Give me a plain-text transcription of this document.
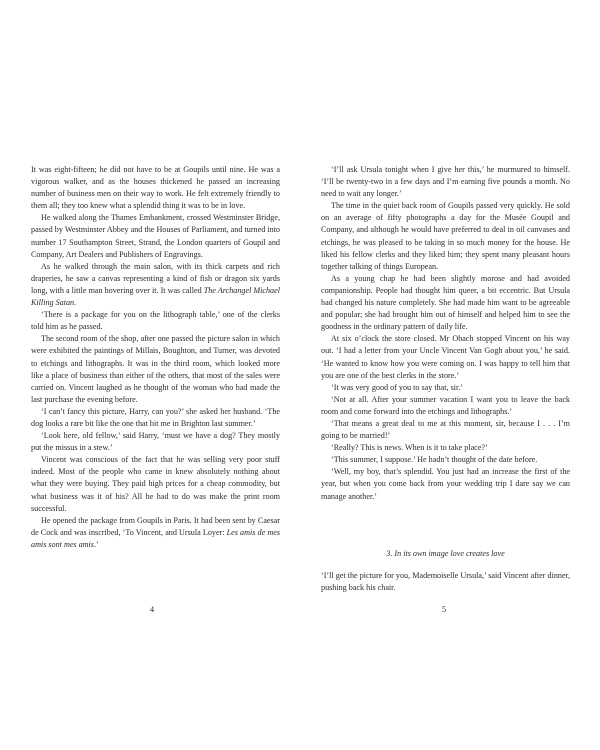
It was eight-fifteen; he did not have to be at Goupils until nine. He was a vigorous walker, and as the houses thickened he passed an increasing number of business men on their way to work. He felt extremely friendly to them all; they too knew what a splendid thing it was to be in love.

He walked along the Thames Embankment, crossed Westminster Bridge, passed by Westminster Abbey and the Houses of Parliament, and turned into number 17 Southampton Street, Strand, the London quarters of Goupil and Company, Art Dealers and Publishers of Engravings.

As he walked through the main salon, with its thick carpets and rich draperies, he saw a canvas representing a kind of fish or dragon six yards long, with a little man hovering over it. It was called The Archangel Michael Killing Satan.

‘There is a package for you on the lithograph table,’ one of the clerks told him as he passed.

The second room of the shop, after one passed the picture salon in which were exhibited the paintings of Millais, Boughton, and Turner, was devoted to etchings and lithographs. It was in the third room, which looked more like a place of business than either of the others, that most of the sales were carried on. Vincent laughed as he thought of the woman who had made the last purchase the evening before.

‘I can’t fancy this picture, Harry, can you?’ she asked her husband. ‘The dog looks a rare bit like the one that bit me in Brighton last summer.’

‘Look here, old fellow,’ said Harry, ‘must we have a dog? They mostly put the missus in a stew.’

Vincent was conscious of the fact that he was selling very poor stuff indeed. Most of the people who came in knew absolutely nothing about what they were buying. They paid high prices for a cheap commodity, but what business was it of his? All he had to do was make the print room successful.

He opened the package from Goupils in Paris. It had been sent by Caesar de Cock and was inscribed, ‘To Vincent, and Ursula Loyer: Les amis de mes amis sont mes amis.’

4

‘I’ll ask Ursula tonight when I give her this,’ he murmured to himself. ‘I’ll be twenty-two in a few days and I’m earning five pounds a month. No need to wait any longer.’

The time in the quiet back room of Goupils passed very quickly. He sold on an average of fifty photographs a day for the Musée Goupil and Company, and although he would have preferred to deal in oil canvases and etchings, he was pleased to be taking in so much money for the house. He liked his fellow clerks and they liked him; they spent many pleasant hours together talking of things European.

As a young chap he had been slightly morose and had avoided companionship. People had thought him queer, a bit eccentric. But Ursula had changed his nature completely. She had made him want to be agreeable and popular; she had brought him out of himself and helped him to see the goodness in the ordinary pattern of daily life.

At six o’clock the store closed. Mr Obach stopped Vincent on his way out. ‘I had a letter from your Uncle Vincent Van Gogh about you,’ he said. ‘He wanted to know how you were coming on. I was happy to tell him that you are one of the best clerks in the store.’

‘It was very good of you to say that, sir.’

‘Not at all. After your summer vacation I want you to leave the back room and come forward into the etchings and lithographs.’

‘That means a great deal to me at this moment, sir, because I . . . I’m going to be married!’

‘Really? This is news. When is it to take place?’

‘This summer, I suppose.’ He hadn’t thought of the date before.

‘Well, my boy, that’s splendid. You just had an increase the first of the year, but when you come back from your wedding trip I dare say we can manage another.’

3. In its own image love creates love

‘I’ll get the picture for you, Mademoiselle Ursula,’ said Vincent after dinner, pushing back his chair.

5
